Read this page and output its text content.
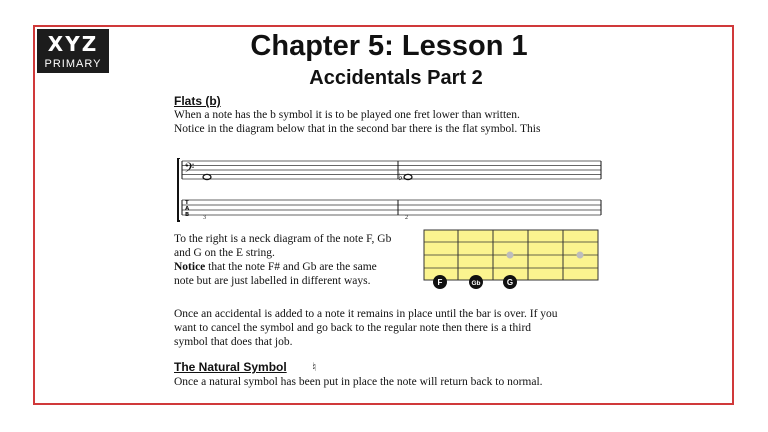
XYZ
PRIMARY
Chapter 5: Lesson 1
Accidentals Part 2
Flats (b)
When a note has the b symbol it is to be played one fret lower than written.
Notice in the diagram below that in the second bar there is the flat symbol. This
𝄢	♭
T
A
B 3	2
To the right is a neck diagram of the note F, Gb
and G on the E string.
Notice that the note F# and Gb are the same
note but are just labelled in different ways.	F	Gb	G
Once an accidental is added to a note it remains in place until the bar is over. If you
want to cancel the symbol and go back to the regular note then there is a third
symbol that does that job.
The Natural Symbol ♮
Once a natural symbol has been put in place the note will return back to normal.
